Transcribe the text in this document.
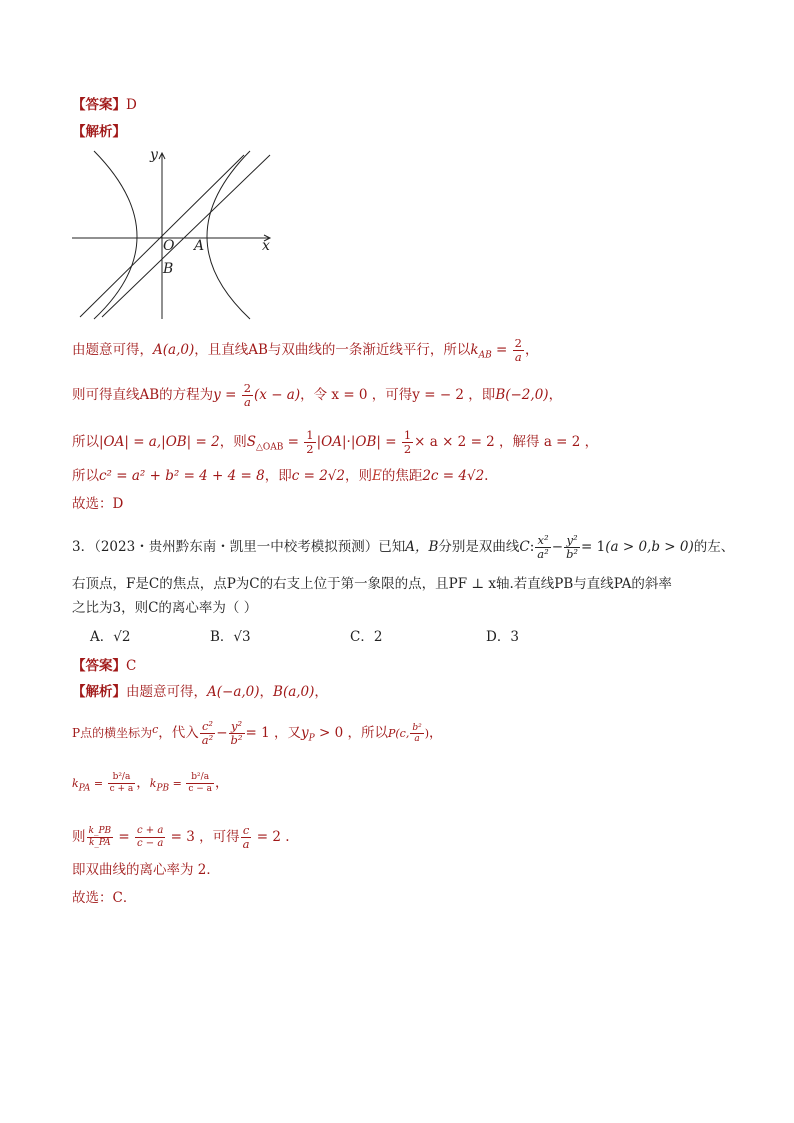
【答案】D
【解析】
y
x
O A
B
由题意可得，A(a,0)，且直线AB与双曲线的一条渐近线平行，所以$k_{AB} = \frac{2}{a}$ ，
则可得直线AB的方程为$y = \frac{2}{a} (x - a)$，令 x = 0 ，可得y = − 2 ，即B(−2,0)，
所以|OA| = a,|OB| = 2，则$S_{\triangle OAB} = \frac{1}{2} |OA|\cdot|OB| = \frac{1}{2} \times a \times 2 = 2$ ，解得 a = 2 ，
所以c² = a² + b² = 4 + 4 = 8，即c = 2√2，则E的焦距2c = 4√2.
故选：D
3．（2023・贵州黔东南・凯里一中校考模拟预测）已知A，B分别是双曲线C: $\frac{\text{x²}}{\text{a²}} - \frac{\text{y²}}{\text{b²}} = 1(a > 0,b > 0)$的左、
右顶点，F是C的焦点，点P为C的右支上位于第一象限的点，且PF ⊥ x轴.若直线PB与直线PA的斜率
之比为3，则C的离心率为（ ）
A．√2	B．√3	C．2	D．3
【答案】C
【解析】由题意可得，A(−a,0)，B(a,0)，
P点的横坐标为$^c$，代入 $\frac{\text{c²}}{\text{a²}} - \frac{\text{y²}}{\text{b²}} = 1$ ，又$y_P > 0$ ，所以P(c, $\frac{\text{b²}}{a}$ )，
$k_{PA} = \frac{\text{b²/a}}{c + a}$ ，$k_{PB} = \frac{\text{b²/a}}{c - a}$ ，
则 $\frac{k\_PB}{k\_PA} = \frac{c + a}{c - a} = 3$ ，可得 $\frac{c}{a} = 2$ .
即双曲线的离心率为 2．
故选：C．
